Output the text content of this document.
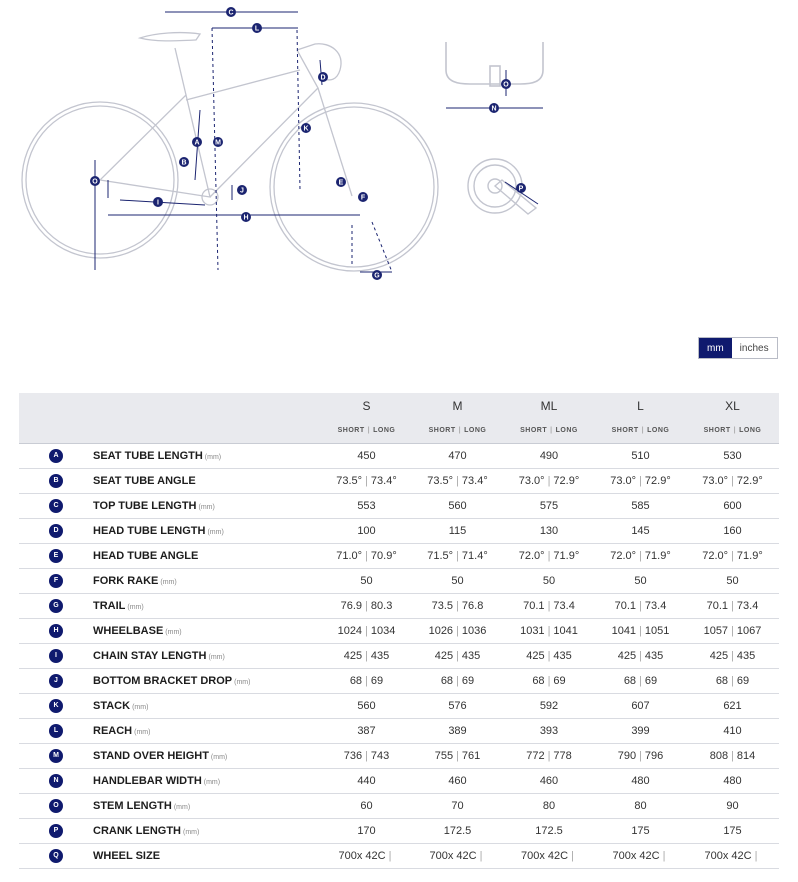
C
L
D
K
A M
B
O	E
J
F
I
H
G
O
N
P
mm	inches
		S	M	ML	L	XL
		SHORT | LONG	SHORT | LONG	SHORT | LONG	SHORT | LONG	SHORT | LONG
A	SEAT TUBE LENGTH (mm)	450	470	490	510	530
B	SEAT TUBE ANGLE	73.5° | 73.4°	73.5° | 73.4°	73.0° | 72.9°	73.0° | 72.9°	73.0° | 72.9°
C	TOP TUBE LENGTH (mm)	553	560	575	585	600
D	HEAD TUBE LENGTH (mm)	100	115	130	145	160
E	HEAD TUBE ANGLE	71.0° | 70.9°	71.5° | 71.4°	72.0° | 71.9°	72.0° | 71.9°	72.0° | 71.9°
F	FORK RAKE (mm)	50	50	50	50	50
G	TRAIL (mm)	76.9 | 80.3	73.5 | 76.8	70.1 | 73.4	70.1 | 73.4	70.1 | 73.4
H	WHEELBASE (mm)	1024 | 1034	1026 | 1036	1031 | 1041	1041 | 1051	1057 | 1067
I	CHAIN STAY LENGTH (mm)	425 | 435	425 | 435	425 | 435	425 | 435	425 | 435
J	BOTTOM BRACKET DROP (mm)	68 | 69	68 | 69	68 | 69	68 | 69	68 | 69
K	STACK (mm)	560	576	592	607	621
L	REACH (mm)	387	389	393	399	410
M	STAND OVER HEIGHT (mm)	736 | 743	755 | 761	772 | 778	790 | 796	808 | 814
N	HANDLEBAR WIDTH (mm)	440	460	460	480	480
O	STEM LENGTH (mm)	60	70	80	80	90
P	CRANK LENGTH (mm)	170	172.5	172.5	175	175
Q	WHEEL SIZE	700x 42C |	700x 42C |	700x 42C |	700x 42C |	700x 42C |
